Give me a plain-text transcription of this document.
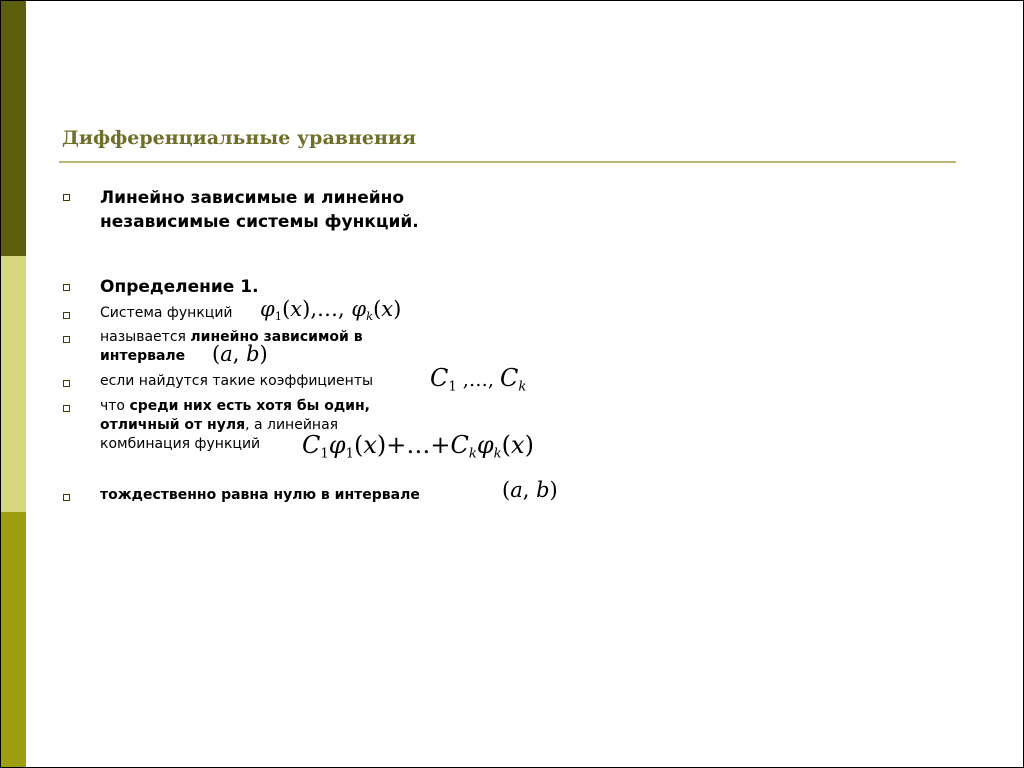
Дифференциальные уравнения
Линейно зависимые и линейно
независимые системы функций.
Определение 1.
Система функций $\varphi_1(x),\dots$, $\varphi_k(x)$
называется линейно зависимой в
интервале (a, b)
если найдутся такие коэффициенты $C_1$ ,…, $C_k$
что среди них есть хотя бы один,
отличный от нуля, а линейная
комбинация функций $C_1\varphi_1(x)+\dots+C_k\varphi_k(x)$
тождественно равна нулю в интервале	(a, b)
